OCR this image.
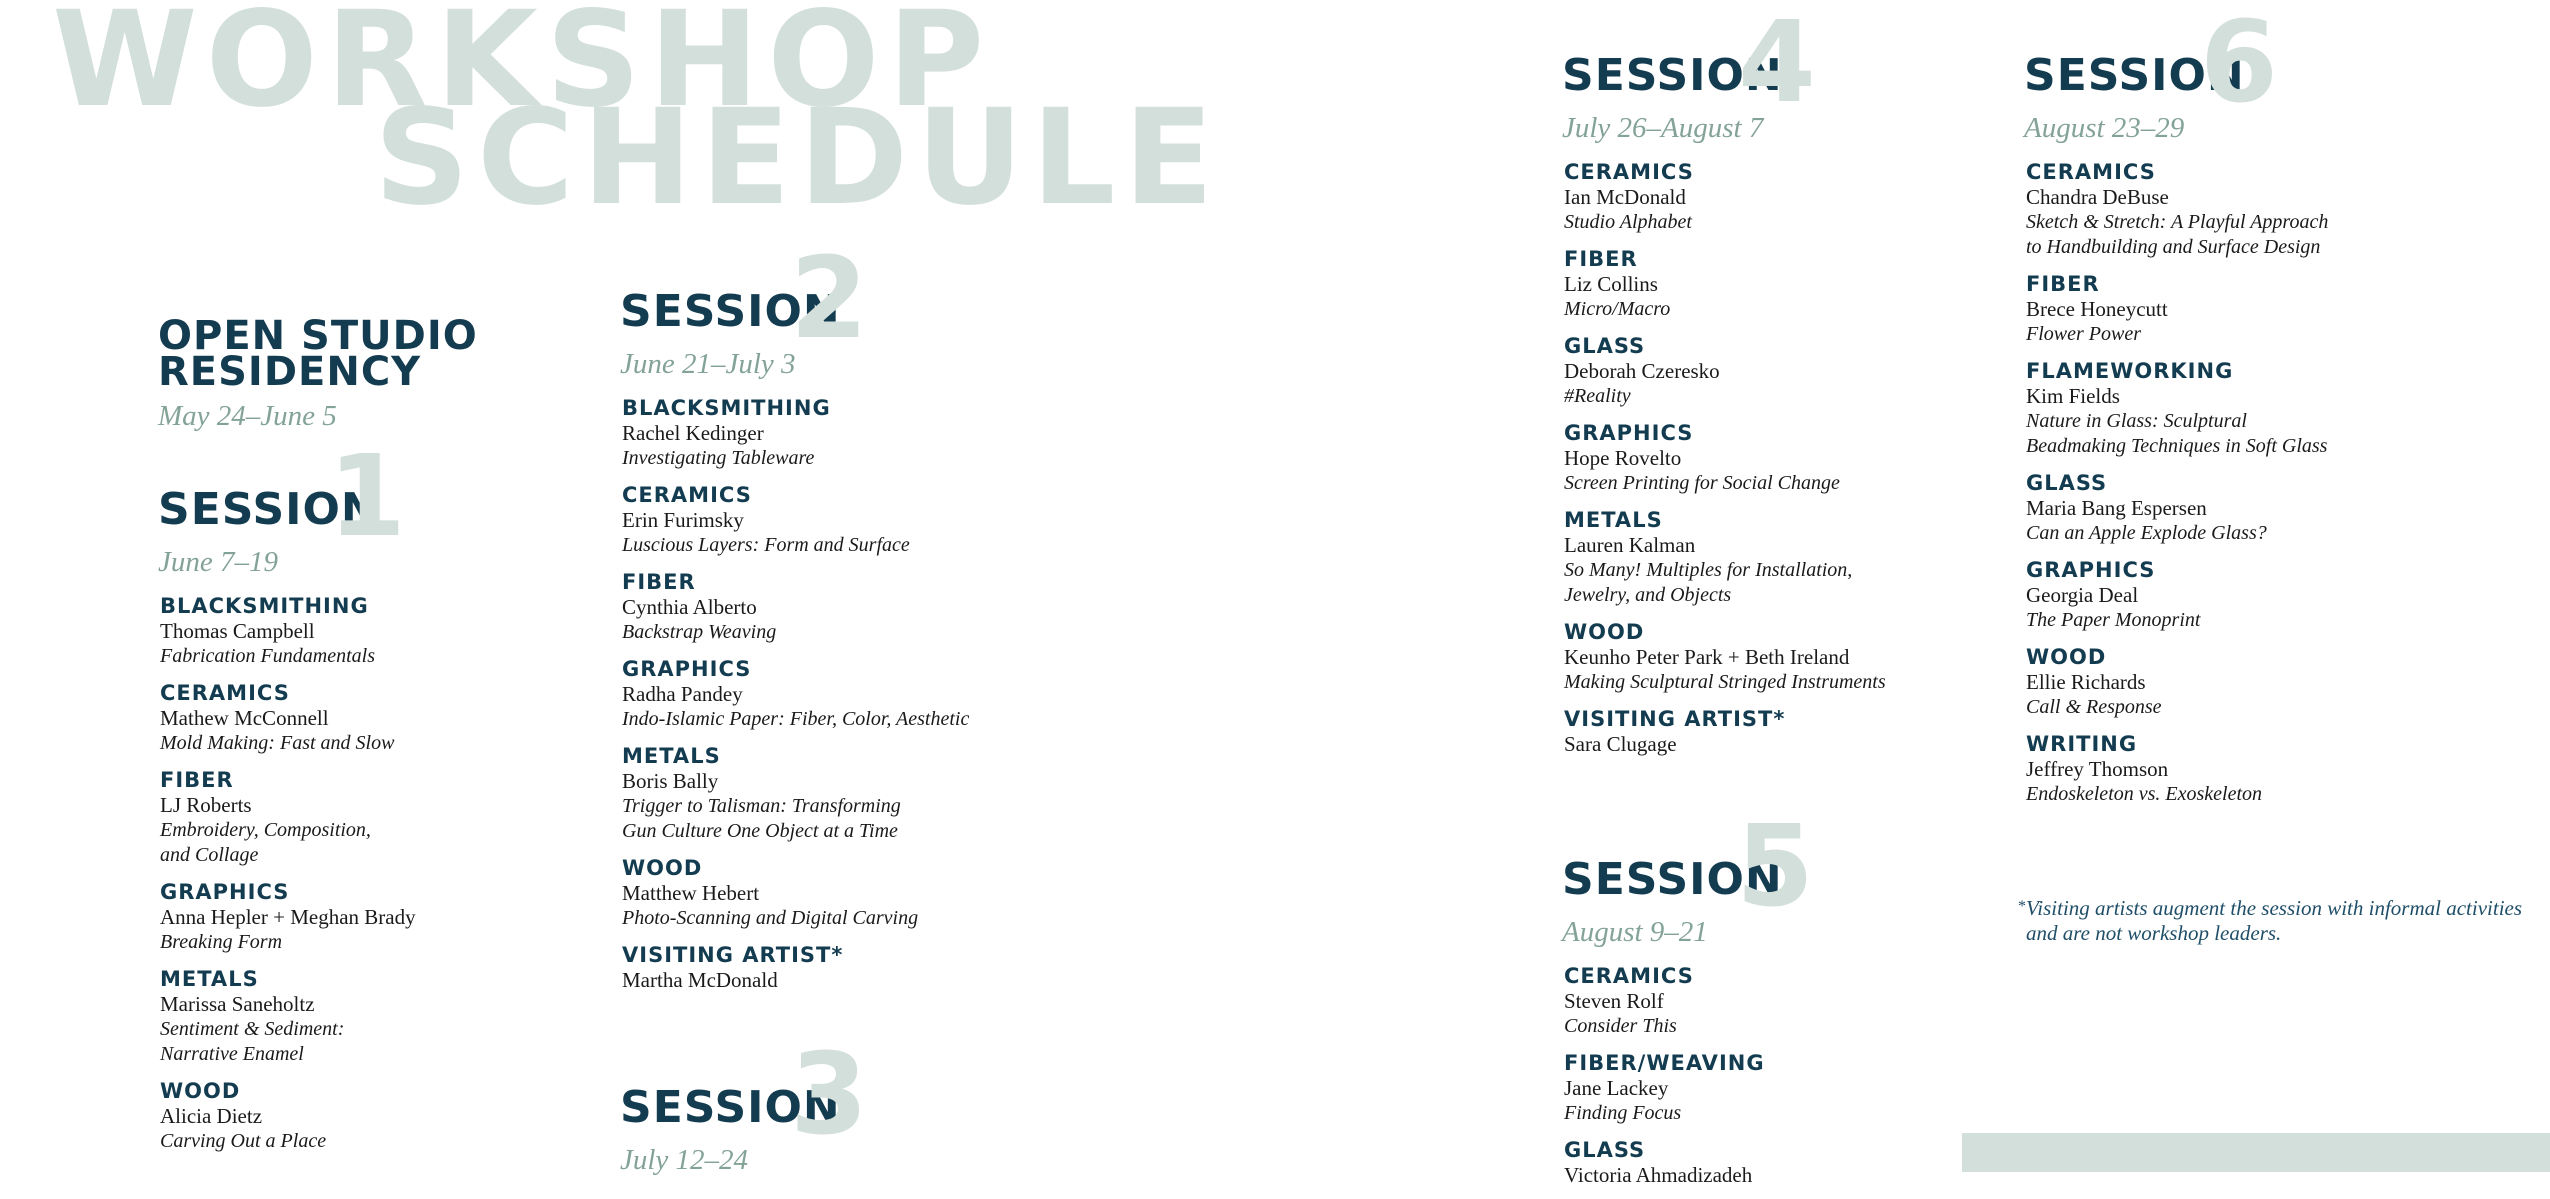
WORKSHOP
SCHEDULE
OPEN STUDIO
RESIDENCY
May 24–June 5
SESSION
1
June 7–19
BLACKSMITHING
Thomas Campbell
Fabrication Fundamentals
CERAMICS
Mathew McConnell
Mold Making: Fast and Slow
FIBER
LJ Roberts
Embroidery, Composition,
and Collage
GRAPHICS
Anna Hepler + Meghan Brady
Breaking Form
METALS
Marissa Saneholtz
Sentiment & Sediment:
Narrative Enamel
WOOD
Alicia Dietz
Carving Out a Place
SESSION
2
June 21–July 3
BLACKSMITHING
Rachel Kedinger
Investigating Tableware
CERAMICS
Erin Furimsky
Luscious Layers: Form and Surface
FIBER
Cynthia Alberto
Backstrap Weaving
GRAPHICS
Radha Pandey
Indo-Islamic Paper: Fiber, Color, Aesthetic
METALS
Boris Bally
Trigger to Talisman: Transforming
Gun Culture One Object at a Time
WOOD
Matthew Hebert
Photo-Scanning and Digital Carving
VISITING ARTIST*
Martha McDonald
SESSION
3
July 12–24
SESSION
4
July 26–August 7
CERAMICS
Ian McDonald
Studio Alphabet
FIBER
Liz Collins
Micro/Macro
GLASS
Deborah Czeresko
#Reality
GRAPHICS
Hope Rovelto
Screen Printing for Social Change
METALS
Lauren Kalman
So Many! Multiples for Installation,
Jewelry, and Objects
WOOD
Keunho Peter Park + Beth Ireland
Making Sculptural Stringed Instruments
VISITING ARTIST*
Sara Clugage
SESSION
5
August 9–21
CERAMICS
Steven Rolf
Consider This
FIBER/WEAVING
Jane Lackey
Finding Focus
GLASS
Victoria Ahmadizadeh
SESSION
6
August 23–29
CERAMICS
Chandra DeBuse
Sketch & Stretch: A Playful Approach
to Handbuilding and Surface Design
FIBER
Brece Honeycutt
Flower Power
FLAMEWORKING
Kim Fields
Nature in Glass: Sculptural
Beadmaking Techniques in Soft Glass
GLASS
Maria Bang Espersen
Can an Apple Explode Glass?
GRAPHICS
Georgia Deal
The Paper Monoprint
WOOD
Ellie Richards
Call & Response
WRITING
Jeffrey Thomson
Endoskeleton vs. Exoskeleton
* Visiting artists augment the session with informal activities and are not workshop leaders.
